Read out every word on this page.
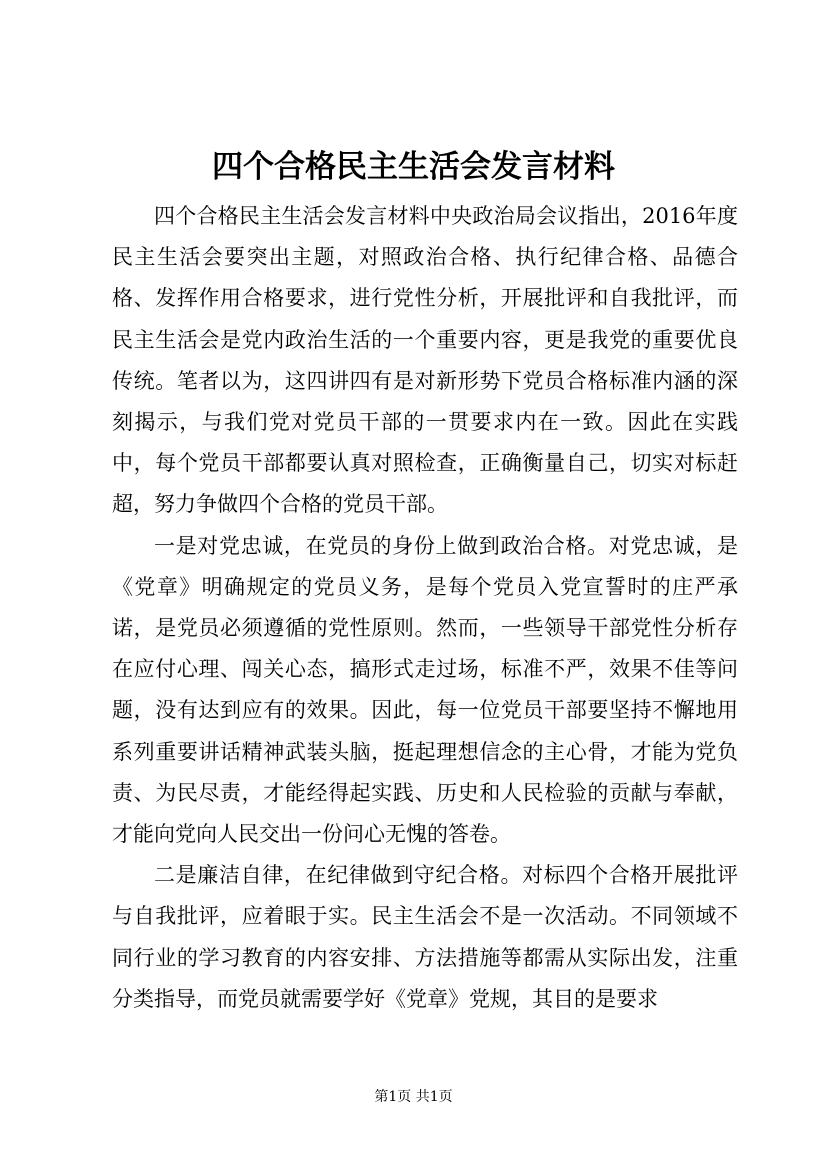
四个合格民主生活会发言材料

四个合格民主生活会发言材料中央政治局会议指出，2016年度民主生活会要突出主题，对照政治合格、执行纪律合格、品德合格、发挥作用合格要求，进行党性分析，开展批评和自我批评，而民主生活会是党内政治生活的一个重要内容，更是我党的重要优良传统。笔者以为，这四讲四有是对新形势下党员合格标准内涵的深刻揭示，与我们党对党员干部的一贯要求内在一致。因此在实践中，每个党员干部都要认真对照检查，正确衡量自己，切实对标赶超，努力争做四个合格的党员干部。

一是对党忠诚，在党员的身份上做到政治合格。对党忠诚，是《党章》明确规定的党员义务，是每个党员入党宣誓时的庄严承诺，是党员必须遵循的党性原则。然而，一些领导干部党性分析存在应付心理、闯关心态，搞形式走过场，标准不严，效果不佳等问题，没有达到应有的效果。因此，每一位党员干部要坚持不懈地用系列重要讲话精神武装头脑，挺起理想信念的主心骨，才能为党负责、为民尽责，才能经得起实践、历史和人民检验的贡献与奉献，才能向党向人民交出一份问心无愧的答卷。

二是廉洁自律，在纪律做到守纪合格。对标四个合格开展批评与自我批评，应着眼于实。民主生活会不是一次活动。不同领域不同行业的学习教育的内容安排、方法措施等都需从实际出发，注重分类指导，而党员就需要学好《党章》党规，其目的是要求

第1页 共1页
